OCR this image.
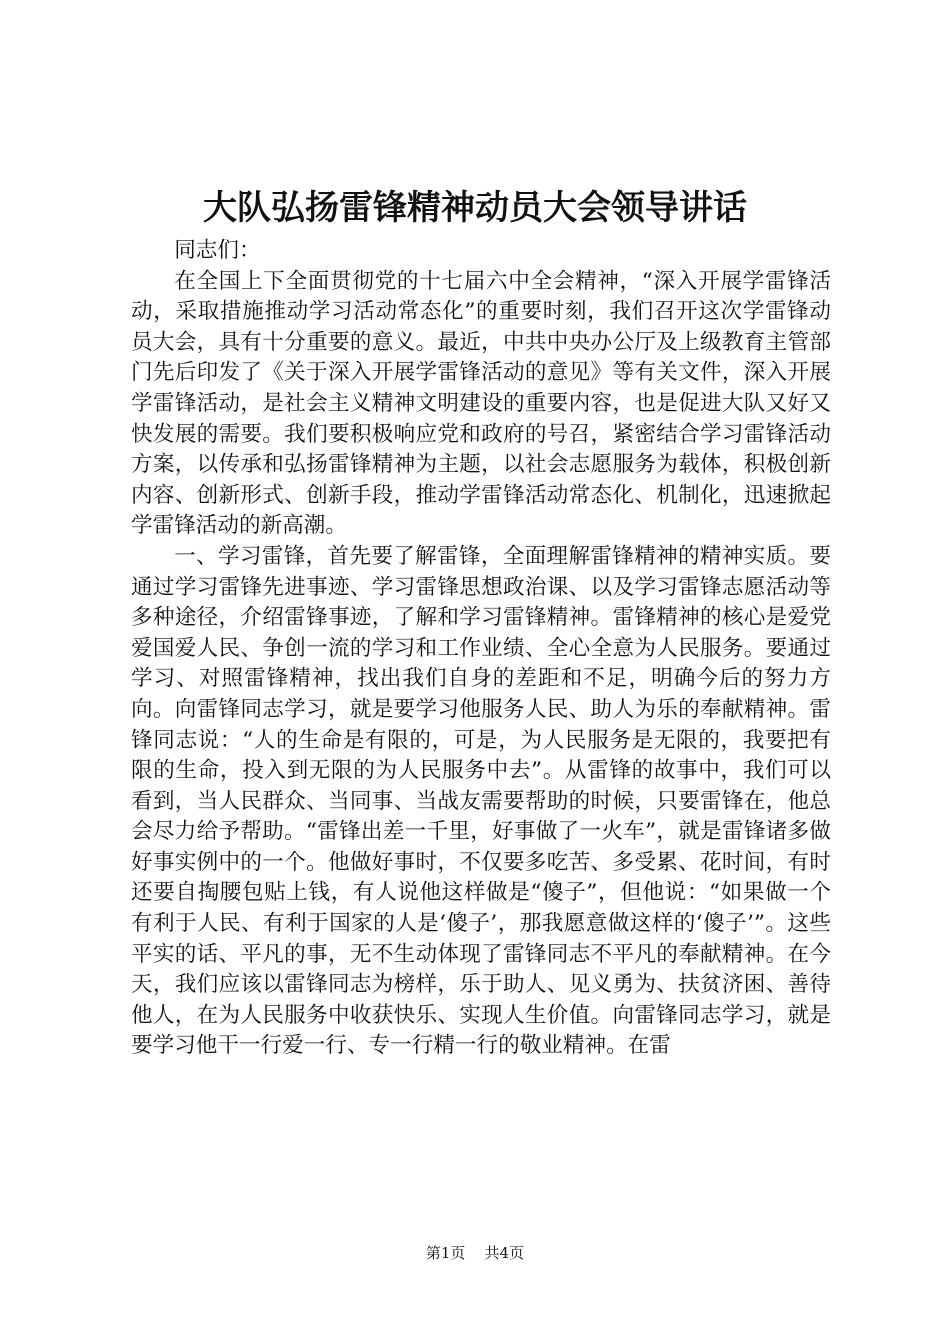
大队弘扬雷锋精神动员大会领导讲话

同志们：

在全国上下全面贯彻党的十七届六中全会精神，“深入开展学雷锋活动，采取措施推动学习活动常态化”的重要时刻，我们召开这次学雷锋动员大会，具有十分重要的意义。最近，中共中央办公厅及上级教育主管部门先后印发了《关于深入开展学雷锋活动的意见》等有关文件，深入开展学雷锋活动，是社会主义精神文明建设的重要内容，也是促进大队又好又快发展的需要。我们要积极响应党和政府的号召，紧密结合学习雷锋活动方案，以传承和弘扬雷锋精神为主题，以社会志愿服务为载体，积极创新内容、创新形式、创新手段，推动学雷锋活动常态化、机制化，迅速掀起学雷锋活动的新高潮。

一、学习雷锋，首先要了解雷锋，全面理解雷锋精神的精神实质。要通过学习雷锋先进事迹、学习雷锋思想政治课、以及学习雷锋志愿活动等多种途径，介绍雷锋事迹，了解和学习雷锋精神。雷锋精神的核心是爱党爱国爱人民、争创一流的学习和工作业绩、全心全意为人民服务。要通过学习、对照雷锋精神，找出我们自身的差距和不足，明确今后的努力方向。向雷锋同志学习，就是要学习他服务人民、助人为乐的奉献精神。雷锋同志说：“人的生命是有限的，可是，为人民服务是无限的，我要把有限的生命，投入到无限的为人民服务中去”。从雷锋的故事中，我们可以看到，当人民群众、当同事、当战友需要帮助的时候，只要雷锋在，他总会尽力给予帮助。“雷锋出差一千里，好事做了一火车”，就是雷锋诸多做好事实例中的一个。他做好事时，不仅要多吃苦、多受累、花时间，有时还要自掏腰包贴上钱，有人说他这样做是“傻子”，但他说：“如果做一个有利于人民、有利于国家的人是‘傻子’，那我愿意做这样的‘傻子’”。这些平实的话、平凡的事，无不生动体现了雷锋同志不平凡的奉献精神。在今天，我们应该以雷锋同志为榜样，乐于助人、见义勇为、扶贫济困、善待他人，在为人民服务中收获快乐、实现人生价值。向雷锋同志学习，就是要学习他干一行爱一行、专一行精一行的敬业精神。在雷

第1页 共4页
